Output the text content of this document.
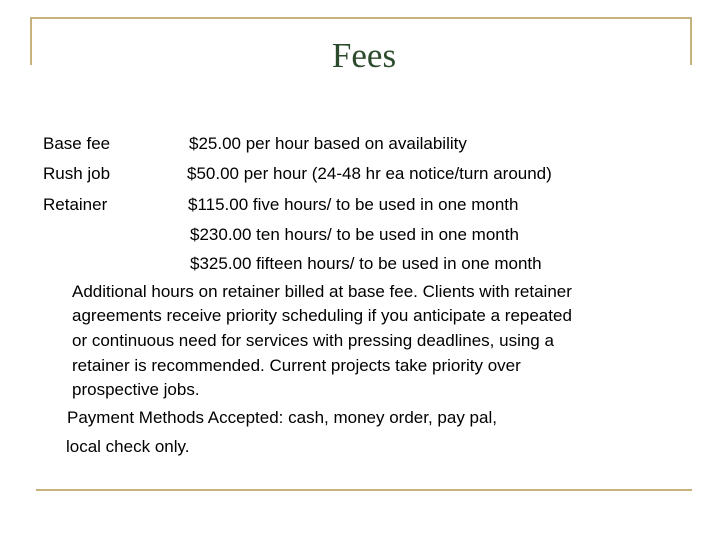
Fees
Base fee	$25.00 per hour based on availability
Rush job	$50.00 per hour (24-48 hr ea notice/turn around)
Retainer	$115.00 five hours/ to be used in one month
$230.00 ten hours/ to be used in one month
$325.00 fifteen hours/ to be used in one month
Additional hours on retainer billed at base fee. Clients with retainer
agreements receive priority scheduling if you anticipate a repeated
or continuous need for services with pressing deadlines, using a
retainer is recommended. Current projects take priority over
prospective jobs.
Payment Methods Accepted: cash, money order, pay pal,
local check only.
